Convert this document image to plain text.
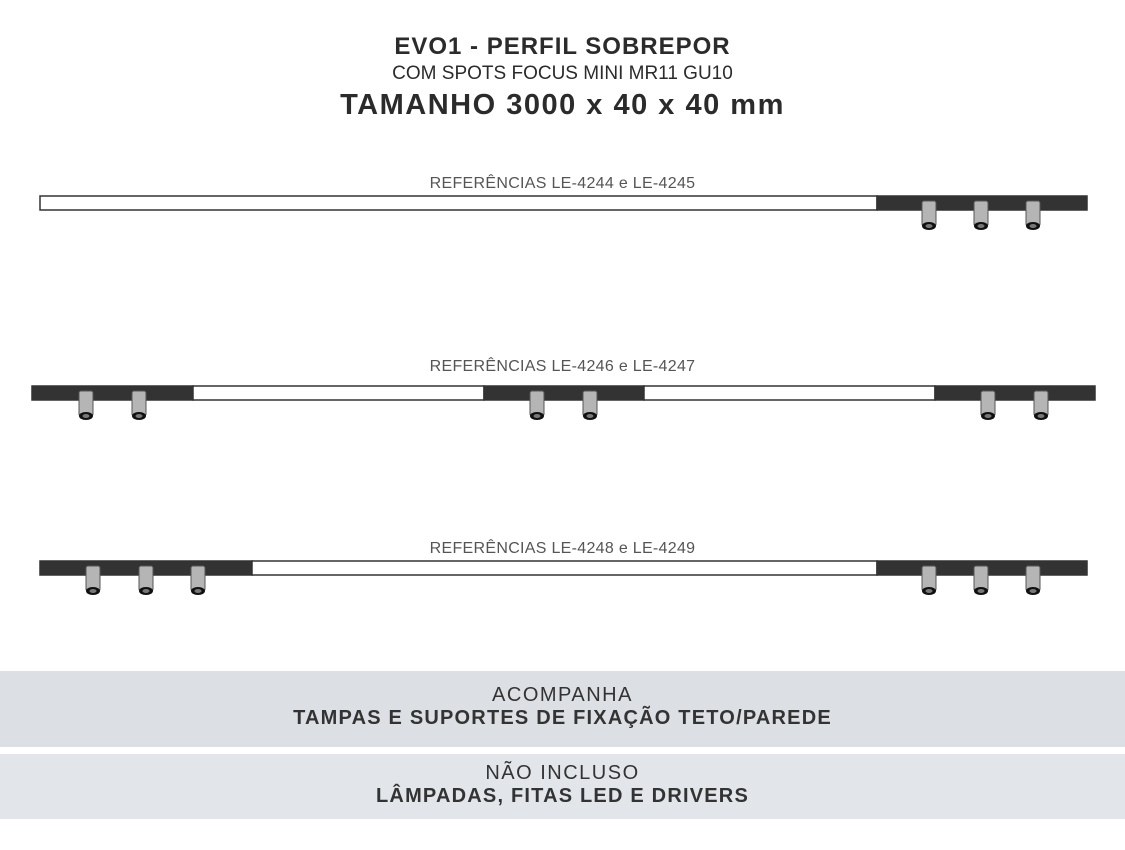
EVO1 - PERFIL SOBREPOR
COM SPOTS FOCUS MINI MR11 GU10
TAMANHO 3000 x 40 x 40 mm
REFERÊNCIAS LE-4244 e LE-4245
REFERÊNCIAS LE-4246 e LE-4247
REFERÊNCIAS LE-4248 e LE-4249
ACOMPANHA
TAMPAS E SUPORTES DE FIXAÇÃO TETO/PAREDE
NÃO INCLUSO
LÂMPADAS, FITAS LED E DRIVERS
